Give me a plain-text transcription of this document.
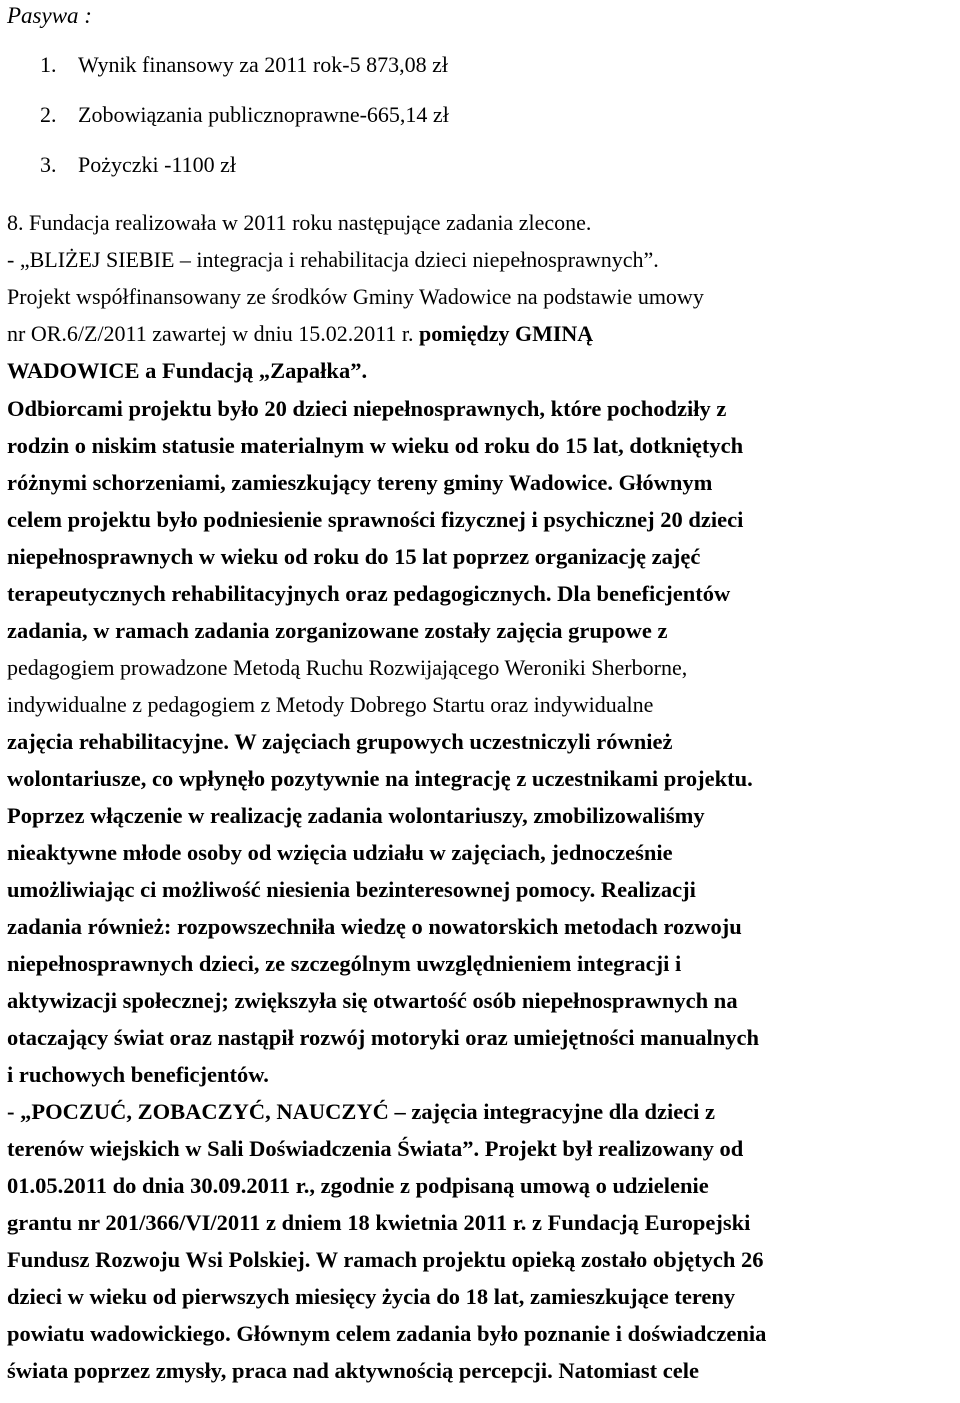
Pasywa :
1. Wynik finansowy za 2011 rok-5 873,08 zł
2. Zobowiązania publicznoprawne-665,14 zł
3. Pożyczki -1100 zł
8. Fundacja realizowała w 2011 roku następujące zadania zlecone.
- „BLIŻEJ SIEBIE – integracja i rehabilitacja dzieci niepełnosprawnych”.
Projekt współfinansowany ze środków Gminy Wadowice na podstawie umowy
nr OR.6/Z/2011 zawartej w dniu 15.02.2011 r. pomiędzy GMINĄ
WADOWICE a Fundacją „Zapałka”.
Odbiorcami projektu było 20 dzieci niepełnosprawnych, które pochodziły z
rodzin o niskim statusie materialnym w wieku od roku do 15 lat, dotkniętych
różnymi schorzeniami, zamieszkujący tereny gminy Wadowice. Głównym
celem projektu było podniesienie sprawności fizycznej i psychicznej 20 dzieci
niepełnosprawnych w wieku od roku do 15 lat poprzez organizację zajęć
terapeutycznych rehabilitacyjnych oraz pedagogicznych. Dla beneficjentów
zadania, w ramach zadania zorganizowane zostały zajęcia grupowe z
pedagogiem prowadzone Metodą Ruchu Rozwijającego Weroniki Sherborne,
indywidualne z pedagogiem z Metody Dobrego Startu oraz indywidualne
zajęcia rehabilitacyjne. W zajęciach grupowych uczestniczyli również
wolontariusze, co wpłynęło pozytywnie na integrację z uczestnikami projektu.
Poprzez włączenie w realizację zadania wolontariuszy, zmobilizowaliśmy
nieaktywne młode osoby od wzięcia udziału w zajęciach, jednocześnie
umożliwiając ci możliwość niesienia bezinteresownej pomocy. Realizacji
zadania również: rozpowszechniła wiedzę o nowatorskich metodach rozwoju
niepełnosprawnych dzieci, ze szczególnym uwzględnieniem integracji i
aktywizacji społecznej; zwiększyła się otwartość osób niepełnosprawnych na
otaczający świat oraz nastąpił rozwój motoryki oraz umiejętności manualnych
i ruchowych beneficjentów.
- „POCZUĆ, ZOBACZYĆ, NAUCZYĆ – zajęcia integracyjne dla dzieci z
terenów wiejskich w Sali Doświadczenia Świata”. Projekt był realizowany od
01.05.2011 do dnia 30.09.2011 r., zgodnie z podpisaną umową o udzielenie
grantu nr 201/366/VI/2011 z dniem 18 kwietnia 2011 r. z Fundacją Europejski
Fundusz Rozwoju Wsi Polskiej. W ramach projektu opieką zostało objętych 26
dzieci w wieku od pierwszych miesięcy życia do 18 lat, zamieszkujące tereny
powiatu wadowickiego. Głównym celem zadania było poznanie i doświadczenia
świata poprzez zmysły, praca nad aktywnością percepcji. Natomiast cele
